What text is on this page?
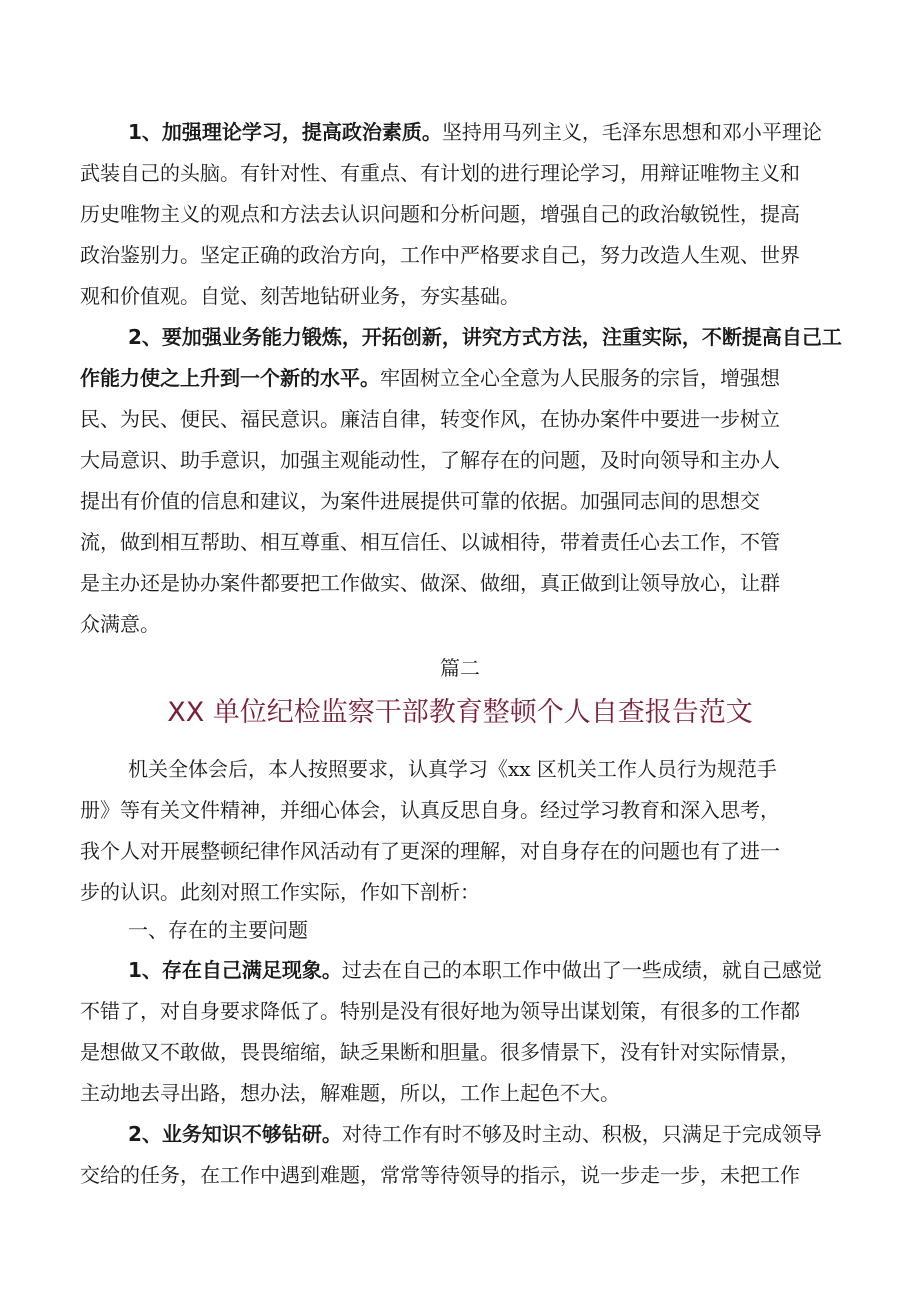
1、加强理论学习，提高政治素质。坚持用马列主义，毛泽东思想和邓小平理论
武装自己的头脑。有针对性、有重点、有计划的进行理论学习，用辩证唯物主义和
历史唯物主义的观点和方法去认识问题和分析问题，增强自己的政治敏锐性，提高
政治鉴别力。坚定正确的政治方向，工作中严格要求自己，努力改造人生观、世界
观和价值观。自觉、刻苦地钻研业务，夯实基础。
2、要加强业务能力锻炼，开拓创新，讲究方式方法，注重实际，不断提高自己工
作能力使之上升到一个新的水平。牢固树立全心全意为人民服务的宗旨，增强想
民、为民、便民、福民意识。廉洁自律，转变作风，在协办案件中要进一步树立
大局意识、助手意识，加强主观能动性，了解存在的问题，及时向领导和主办人
提出有价值的信息和建议，为案件进展提供可靠的依据。加强同志间的思想交
流，做到相互帮助、相互尊重、相互信任、以诚相待，带着责任心去工作，不管
是主办还是协办案件都要把工作做实、做深、做细，真正做到让领导放心，让群
众满意。
篇二
XX 单位纪检监察干部教育整顿个人自查报告范文
机关全体会后，本人按照要求，认真学习《xx 区机关工作人员行为规范手
册》等有关文件精神，并细心体会，认真反思自身。经过学习教育和深入思考，
我个人对开展整顿纪律作风活动有了更深的理解，对自身存在的问题也有了进一
步的认识。此刻对照工作实际，作如下剖析：
一、存在的主要问题
1、存在自己满足现象。过去在自己的本职工作中做出了一些成绩，就自己感觉
不错了，对自身要求降低了。特别是没有很好地为领导出谋划策，有很多的工作都
是想做又不敢做，畏畏缩缩，缺乏果断和胆量。很多情景下，没有针对实际情景，
主动地去寻出路，想办法，解难题，所以，工作上起色不大。
2、业务知识不够钻研。对待工作有时不够及时主动、积极，只满足于完成领导
交给的任务，在工作中遇到难题，常常等待领导的指示，说一步走一步，未把工作
